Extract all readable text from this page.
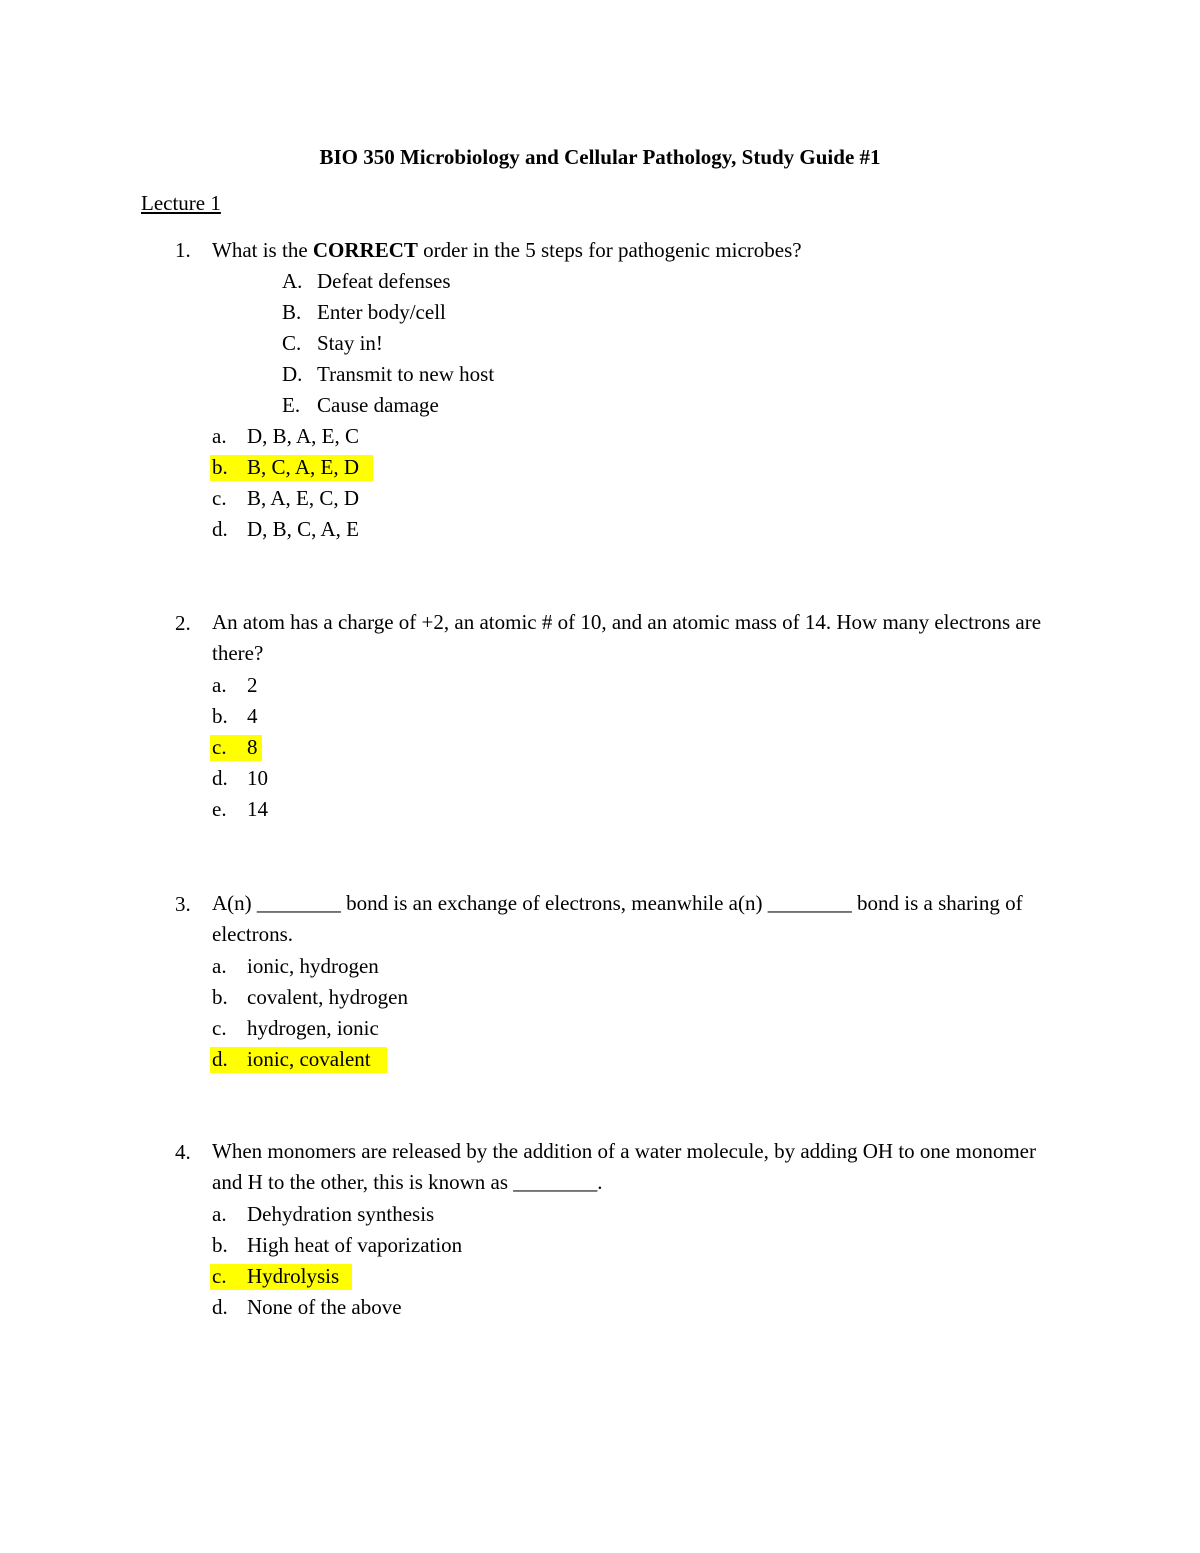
BIO 350 Microbiology and Cellular Pathology, Study Guide #1
Lecture 1
1. What is the CORRECT order in the 5 steps for pathogenic microbes?
A. Defeat defenses
B. Enter body/cell
C. Stay in!
D. Transmit to new host
E. Cause damage
a. D, B, A, E, C
b. B, C, A, E, D
c. B, A, E, C, D
d. D, B, C, A, E
2. An atom has a charge of +2, an atomic # of 10, and an atomic mass of 14. How many electrons are there?
a. 2
b. 4
c. 8
d. 10
e. 14
3. A(n) ________ bond is an exchange of electrons, meanwhile a(n) ________ bond is a sharing of electrons.
a. ionic, hydrogen
b. covalent, hydrogen
c. hydrogen, ionic
d. ionic, covalent
4. When monomers are released by the addition of a water molecule, by adding OH to one monomer and H to the other, this is known as ________.
a. Dehydration synthesis
b. High heat of vaporization
c. Hydrolysis
d. None of the above
